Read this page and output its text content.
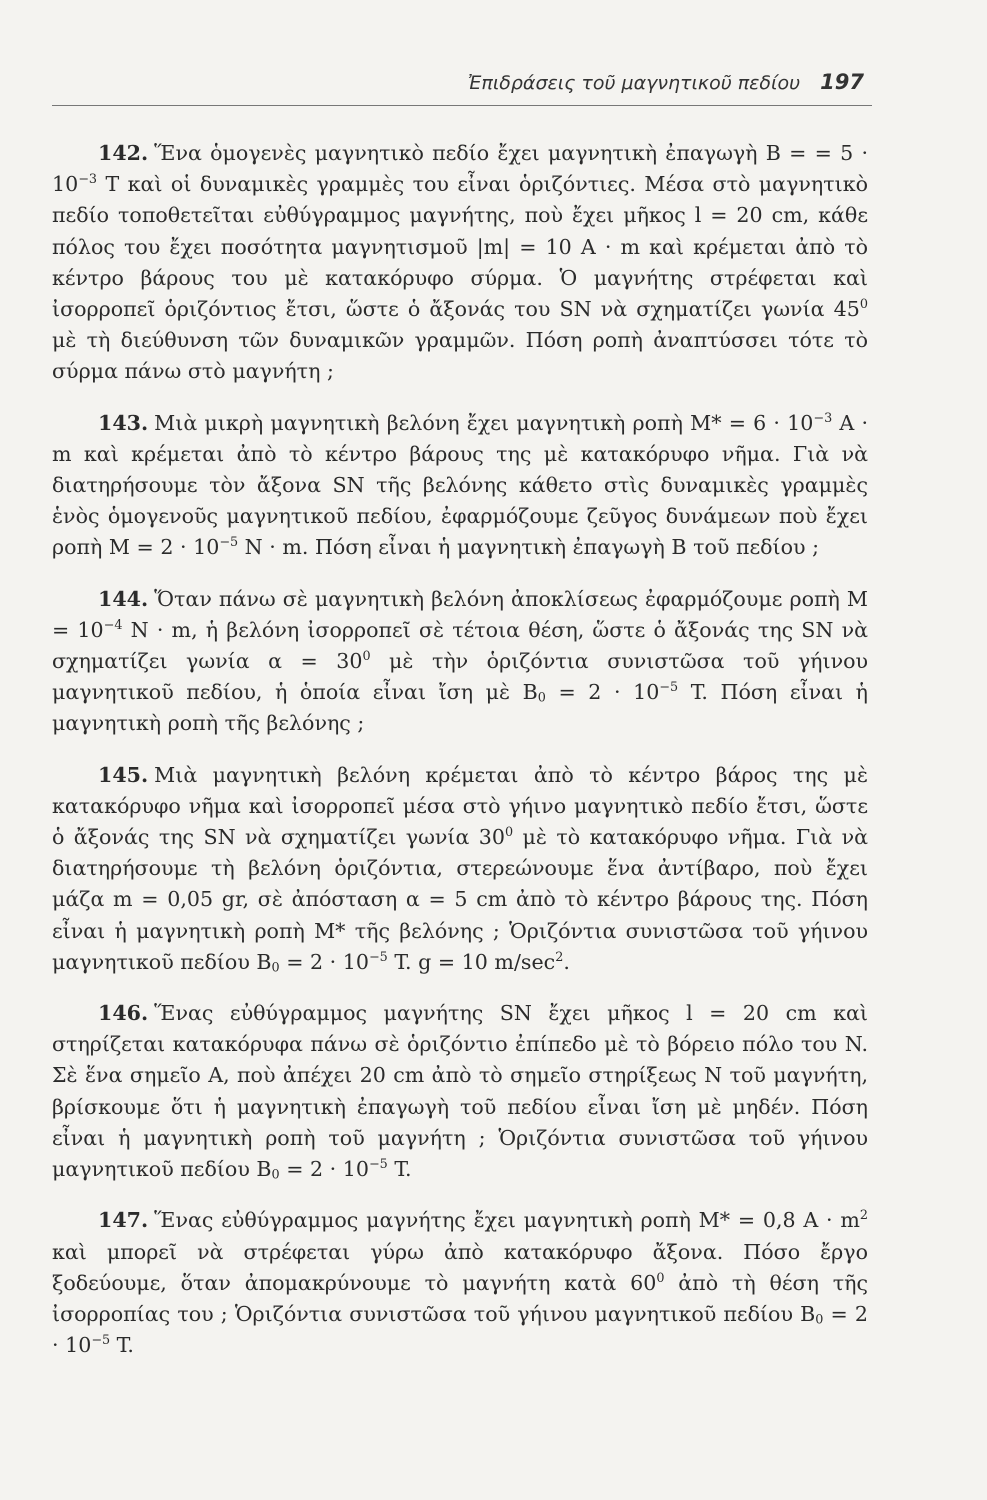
Ἐπιδράσεις τοῦ μαγνητικοῦ πεδίου 197

142. Ἕνα ὁμογενὲς μαγνητικὸ πεδίο ἔχει μαγνητικὴ ἐπαγωγὴ B = = $5 \cdot 10^{-3}$ T καὶ οἱ δυναμικὲς γραμμὲς του εἶναι ὁριζόντιες. Μέσα στὸ μαγνητικὸ πεδίο τοποθετεῖται εὐθύγραμμος μαγνήτης, ποὺ ἔχει μῆκος l = 20 cm, κάθε πόλος του ἔχει ποσότητα μαγνητισμοῦ |m| = 10 A · m καὶ κρέμεται ἀπὸ τὸ κέντρο βάρους του μὲ κατακόρυφο σύρμα. Ὁ μαγνήτης στρέφεται καὶ ἰσορροπεῖ ὁριζόντιος ἔτσι, ὥστε ὁ ἄξονάς του SN νὰ σχηματίζει γωνία $45^0$ μὲ τὴ διεύθυνση τῶν δυναμικῶν γραμμῶν. Πόση ροπὴ ἀναπτύσσει τότε τὸ σύρμα πάνω στὸ μαγνήτη ;

143. Μιὰ μικρὴ μαγνητικὴ βελόνη ἔχει μαγνητικὴ ροπὴ $M* = 6 \cdot 10^{-3}$ A · m καὶ κρέμεται ἀπὸ τὸ κέντρο βάρους της μὲ κατακόρυφο νῆμα. Γιὰ νὰ διατηρήσουμε τὸν ἄξονα SN τῆς βελόνης κάθετο στὶς δυναμικὲς γραμμὲς ἑνὸς ὁμογενοῦς μαγνητικοῦ πεδίου, ἐφαρμόζουμε ζεῦγος δυνάμεων ποὺ ἔχει ροπὴ $M = 2 \cdot 10^{-5}$ N · m. Πόση εἶναι ἡ μαγνητικὴ ἐπαγωγὴ B τοῦ πεδίου ;

144. Ὅταν πάνω σὲ μαγνητικὴ βελόνη ἀποκλίσεως ἐφαρμόζουμε ροπὴ $M = 10^{-4}$ N · m, ἡ βελόνη ἰσορροπεῖ σὲ τέτοια θέση, ὥστε ὁ ἄξονάς της SN νὰ σχηματίζει γωνία $\alpha = 30^0$ μὲ τὴν ὁριζόντια συνιστῶσα τοῦ γήινου μαγνητικοῦ πεδίου, ἡ ὁποία εἶναι ἴση μὲ $B_0 = 2 \cdot 10^{-5}$ T. Πόση εἶναι ἡ μαγνητικὴ ροπὴ τῆς βελόνης ;

145. Μιὰ μαγνητικὴ βελόνη κρέμεται ἀπὸ τὸ κέντρο βάρος της μὲ κατακόρυφο νῆμα καὶ ἰσορροπεῖ μέσα στὸ γήινο μαγνητικὸ πεδίο ἔτσι, ὥστε ὁ ἄξονάς της SN νὰ σχηματίζει γωνία $30^0$ μὲ τὸ κατακόρυφο νῆμα. Γιὰ νὰ διατηρήσουμε τὴ βελόνη ὁριζόντια, στερεώνουμε ἕνα ἀντίβαρο, ποὺ ἔχει μάζα m = 0,05 gr, σὲ ἀπόσταση α = 5 cm ἀπὸ τὸ κέντρο βάρους της. Πόση εἶναι ἡ μαγνητικὴ ροπὴ M* τῆς βελόνης ; Ὁριζόντια συνιστῶσα τοῦ γήινου μαγνητικοῦ πεδίου $B_0 = 2 \cdot 10^{-5}$ T. g = 10 $m/\sec^2$.

146. Ἕνας εὐθύγραμμος μαγνήτης SN ἔχει μῆκος l = 20 cm καὶ στηρίζεται κατακόρυφα πάνω σὲ ὁριζόντιο ἐπίπεδο μὲ τὸ βόρειο πόλο του N. Σὲ ἕνα σημεῖο A, ποὺ ἀπέχει 20 cm ἀπὸ τὸ σημεῖο στηρίξεως N τοῦ μαγνήτη, βρίσκουμε ὅτι ἡ μαγνητικὴ ἐπαγωγὴ τοῦ πεδίου εἶναι ἴση μὲ μηδέν. Πόση εἶναι ἡ μαγνητικὴ ροπὴ τοῦ μαγνήτη ; Ὁριζόντια συνιστῶσα τοῦ γήινου μαγνητικοῦ πεδίου $B_0 = 2 \cdot 10^{-5}$ T.

147. Ἕνας εὐθύγραμμος μαγνήτης ἔχει μαγνητικὴ ροπὴ M* = 0,8 $A \cdot m^2$ καὶ μπορεῖ νὰ στρέφεται γύρω ἀπὸ κατακόρυφο ἄξονα. Πόσο ἔργο ξοδεύουμε, ὅταν ἀπομακρύνουμε τὸ μαγνήτη κατὰ $60^0$ ἀπὸ τὴ θέση τῆς ἰσορροπίας του ; Ὁριζόντια συνιστῶσα τοῦ γήινου μαγνητικοῦ πεδίου $B_0 = 2 \cdot 10^{-5}$ T.
